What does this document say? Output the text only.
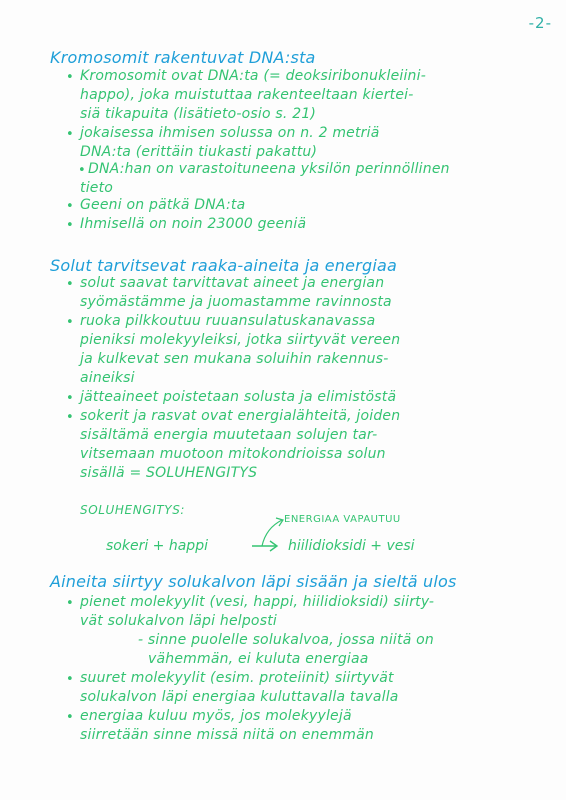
-2-
Kromosomit rakentuvat DNA:sta
• Kromosomit ovat DNA:ta (= deoksiribonukleiini-
happo), joka muistuttaa rakenteeltaan kiertei-
siä tikapuita (lisätieto-osio s. 21)
• jokaisessa ihmisen solussa on n. 2 metriä
DNA:ta (erittäin tiukasti pakattu)
• DNA:han on varastoituneena yksilön perinnöllinen
tieto
• Geeni on pätkä DNA:ta
• Ihmisellä on noin 23000 geeniä
Solut tarvitsevat raaka-aineita ja energiaa
• solut saavat tarvittavat aineet ja energian
syömästämme ja juomastamme ravinnosta
• ruoka pilkkoutuu ruuansulatuskanavassa
pieniksi molekyyleiksi, jotka siirtyvät vereen
ja kulkevat sen mukana soluihin rakennus-
aineiksi
• jätteaineet poistetaan solusta ja elimistöstä
• sokerit ja rasvat ovat energialähteitä, joiden
sisältämä energia muutetaan solujen tar-
vitsemaan muotoon mitokondrioissa solun
sisällä = SOLUHENGITYS
SOLUHENGITYS:
ENERGIAA VAPAUTUU
sokeri + happi	hiilidioksidi + vesi
Aineita siirtyy solukalvon läpi sisään ja sieltä ulos
• pienet molekyylit (vesi, happi, hiilidioksidi) siirty-
vät solukalvon läpi helposti
- sinne puolelle solukalvoa, jossa niitä on
vähemmän, ei kuluta energiaa
• suuret molekyylit (esim. proteiinit) siirtyvät
solukalvon läpi energiaa kuluttavalla tavalla
• energiaa kuluu myös, jos molekyylejä
siirretään sinne missä niitä on enemmän
